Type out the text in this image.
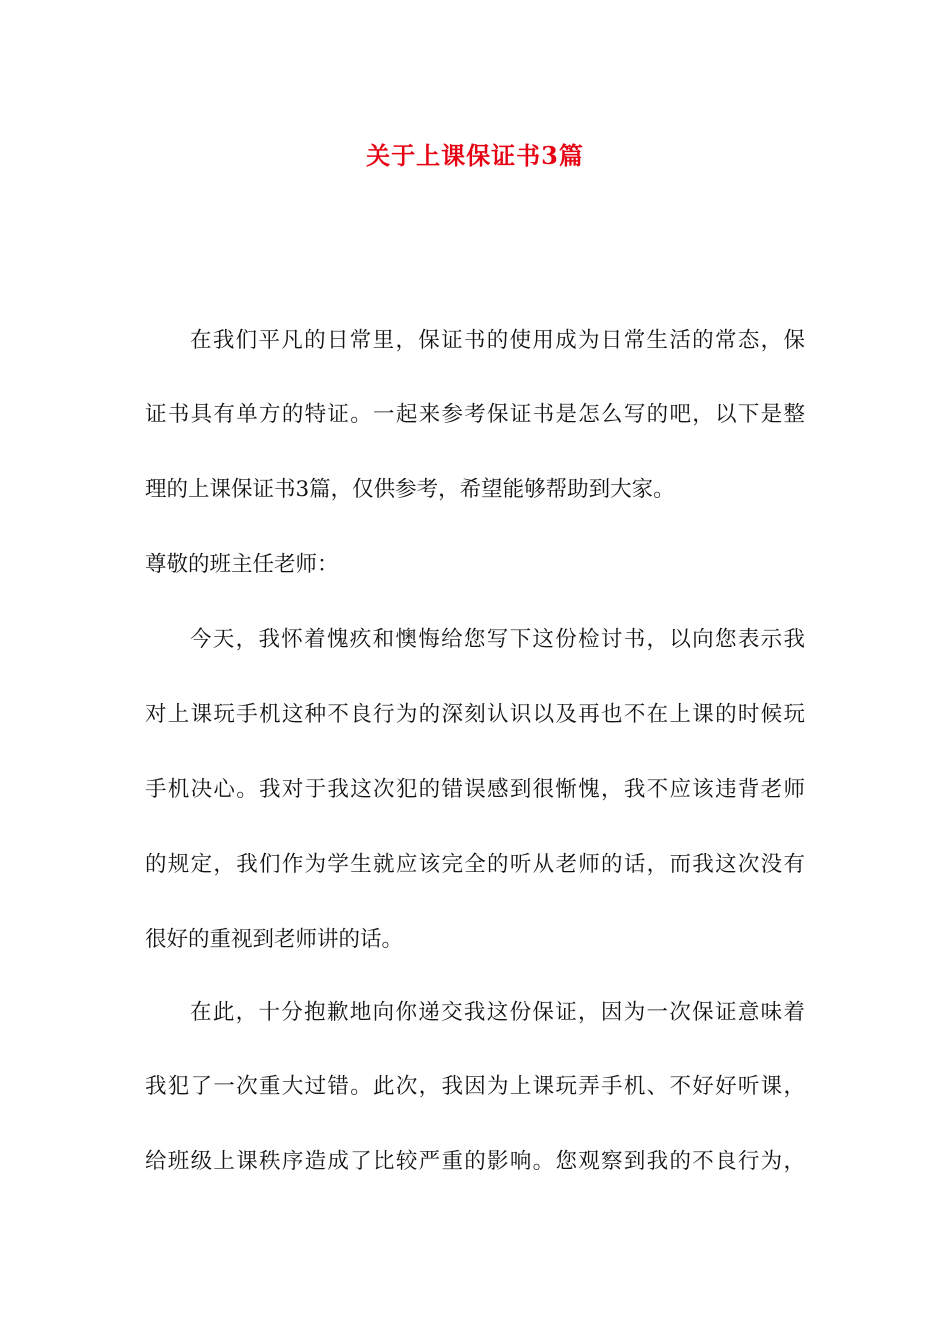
关于上课保证书3篇
在我们平凡的日常里，保证书的使用成为日常生活的常态，保
证书具有单方的特证。一起来参考保证书是怎么写的吧，以下是整
理的上课保证书3篇，仅供参考，希望能够帮助到大家。
尊敬的班主任老师：
今天，我怀着愧疚和懊悔给您写下这份检讨书，以向您表示我
对上课玩手机这种不良行为的深刻认识以及再也不在上课的时候玩
手机决心。我对于我这次犯的错误感到很惭愧，我不应该违背老师
的规定，我们作为学生就应该完全的听从老师的话，而我这次没有
很好的重视到老师讲的话。
在此，十分抱歉地向你递交我这份保证，因为一次保证意味着
我犯了一次重大过错。此次，我因为上课玩弄手机、不好好听课，
给班级上课秩序造成了比较严重的影响。您观察到我的不良行为，
